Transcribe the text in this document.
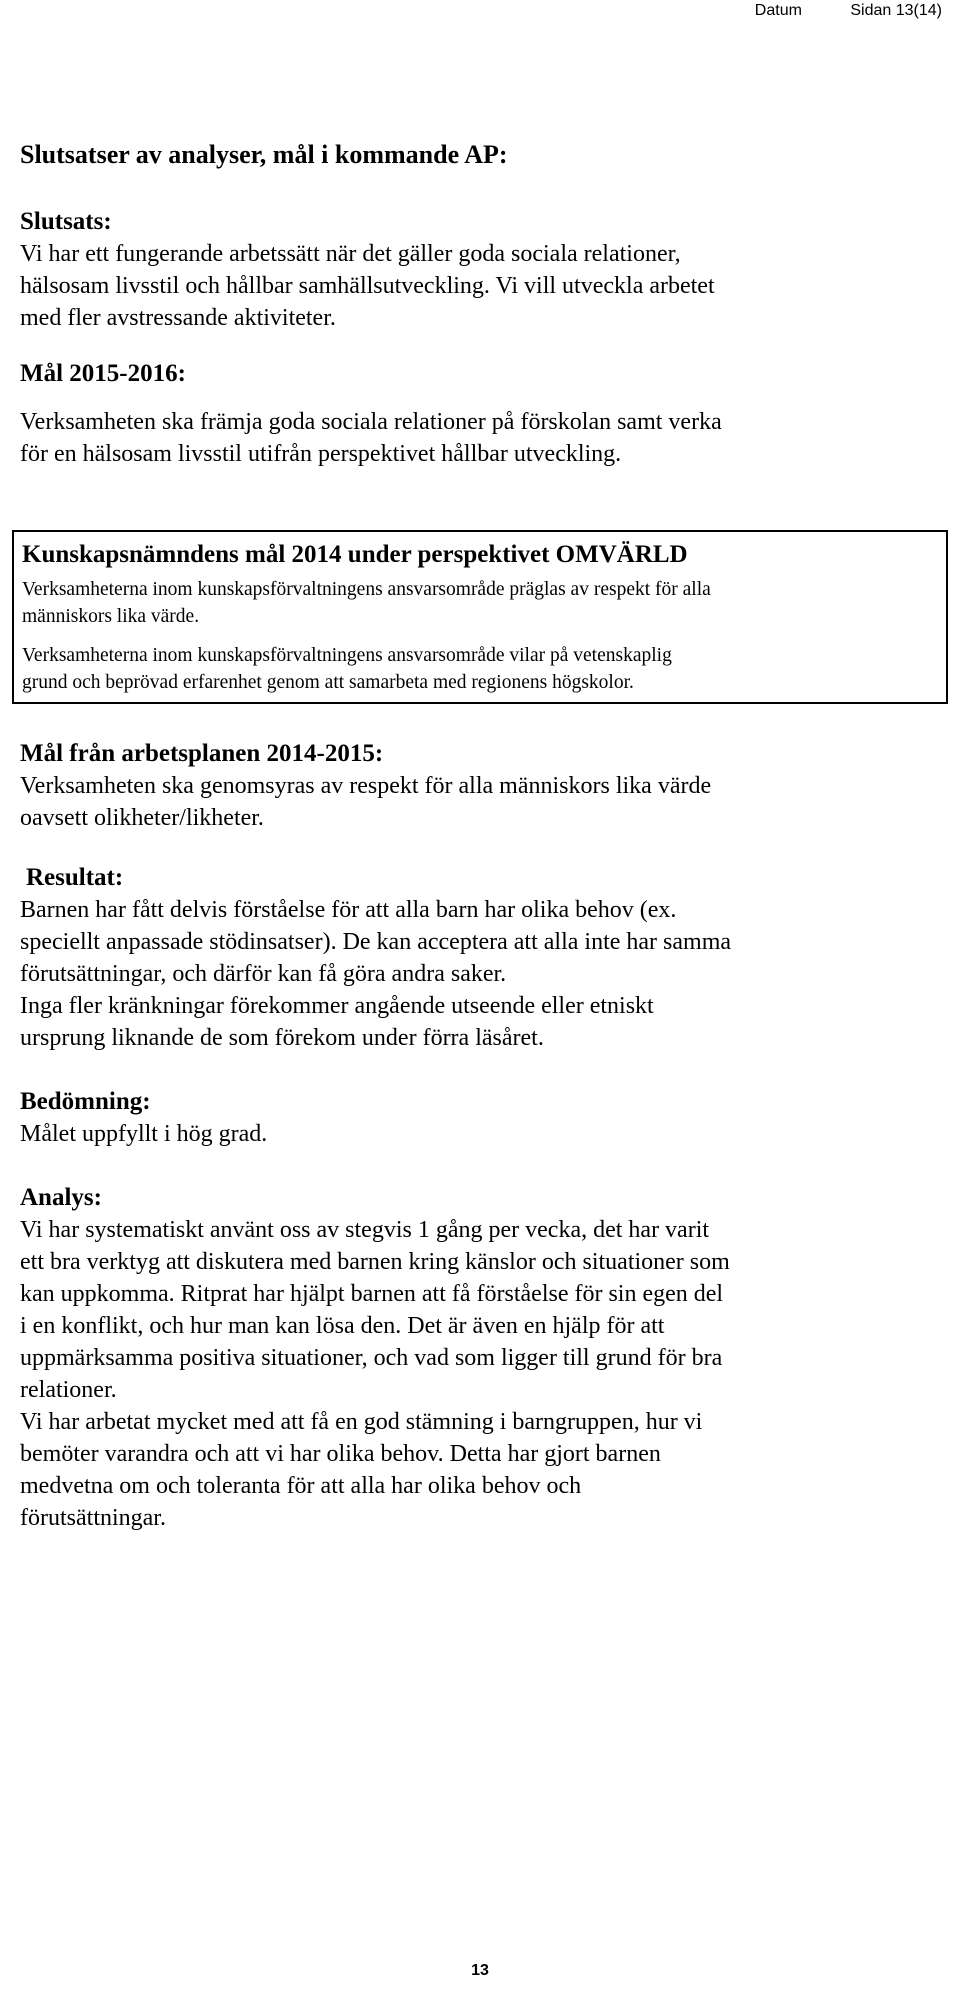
Datum	Sidan 13(14)
Slutsatser av analyser, mål i kommande AP:
Slutsats:

Vi har ett fungerande arbetssätt när det gäller goda sociala relationer,

hälsosam livsstil och hållbar samhällsutveckling. Vi vill utveckla arbetet

med fler avstressande aktiviteter.

Mål 2015-2016:

Verksamheten ska främja goda sociala relationer på förskolan samt verka

för en hälsosam livsstil utifrån perspektivet hållbar utveckling.

Kunskapsnämndens mål 2014 under perspektivet OMVÄRLD

Verksamheterna inom kunskapsförvaltningens ansvarsområde präglas av respekt för alla

människors lika värde.

Verksamheterna inom kunskapsförvaltningens ansvarsområde vilar på vetenskaplig

grund och beprövad erfarenhet genom att samarbeta med regionens högskolor.

Mål från arbetsplanen 2014-2015:

Verksamheten ska genomsyras av respekt för alla människors lika värde

oavsett olikheter/likheter.

Resultat:

Barnen har fått delvis förståelse för att alla barn har olika behov (ex.

speciellt anpassade stödinsatser). De kan acceptera att alla inte har samma

förutsättningar, och därför kan få göra andra saker.

Inga fler kränkningar förekommer angående utseende eller etniskt

ursprung liknande de som förekom under förra läsåret.

Bedömning:

Målet uppfyllt i hög grad.

Analys:

Vi har systematiskt använt oss av stegvis 1 gång per vecka, det har varit

ett bra verktyg att diskutera med barnen kring känslor och situationer som

kan uppkomma. Ritprat har hjälpt barnen att få förståelse för sin egen del

i en konflikt, och hur man kan lösa den. Det är även en hjälp för att

uppmärksamma positiva situationer, och vad som ligger till grund för bra

relationer.

Vi har arbetat mycket med att få en god stämning i barngruppen, hur vi

bemöter varandra och att vi har olika behov. Detta har gjort barnen

medvetna om och toleranta för att alla har olika behov och

förutsättningar.

13
